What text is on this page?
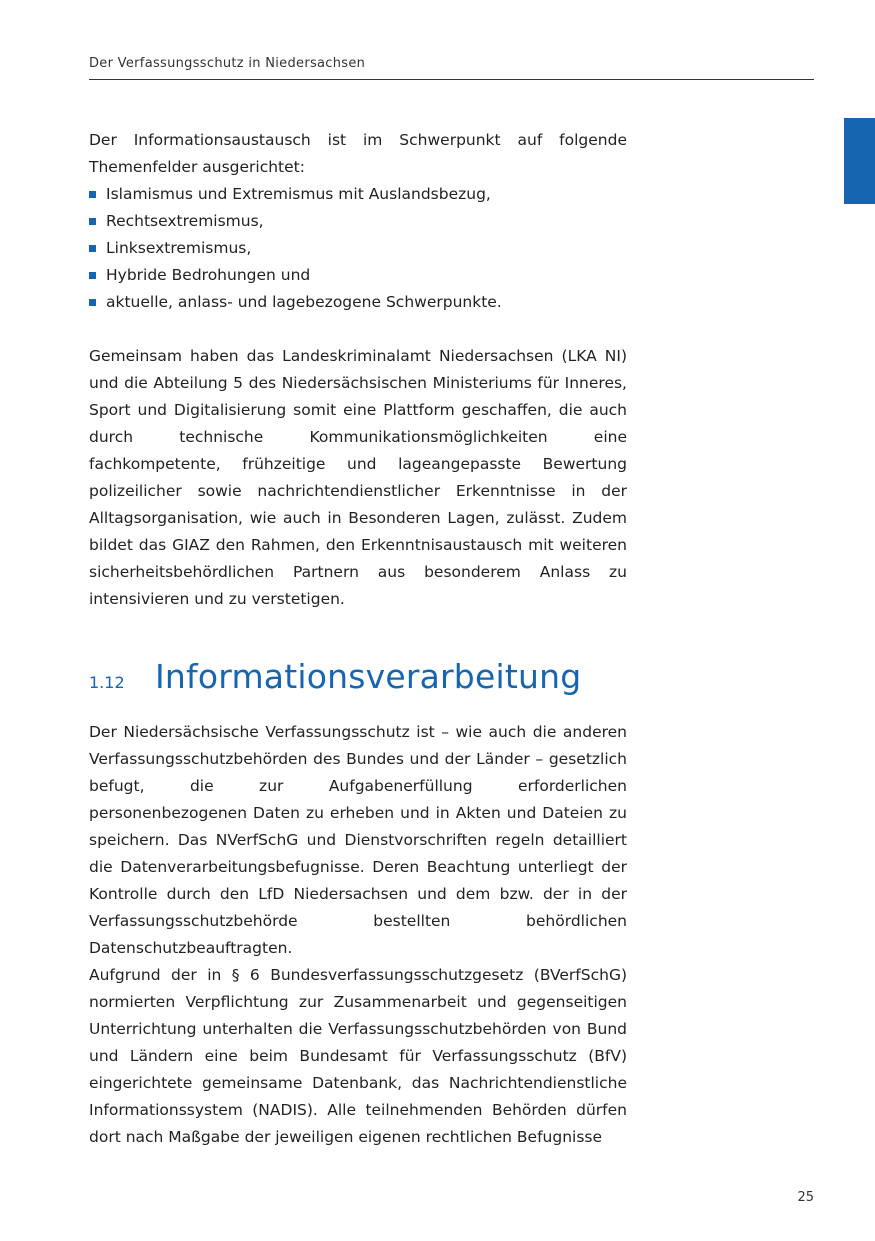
Der Verfassungsschutz in Niedersachsen

Der Informationsaustausch ist im Schwerpunkt auf folgende Themenfelder ausgerichtet:

Islamismus und Extremismus mit Auslandsbezug,
Rechtsextremismus,
Linksextremismus,
Hybride Bedrohungen und
aktuelle, anlass- und lagebezogene Schwerpunkte.

Gemeinsam haben das Landeskriminalamt Niedersachsen (LKA NI) und die Abteilung 5 des Niedersächsischen Ministeriums für Inneres, Sport und Digitalisierung somit eine Plattform geschaffen, die auch durch technische Kommunikationsmöglichkeiten eine fachkompetente, frühzeitige und lageangepasste Bewertung polizeilicher sowie nachrichtendienstlicher Erkenntnisse in der Alltagsorganisation, wie auch in Besonderen Lagen, zulässt. Zudem bildet das GIAZ den Rahmen, den Erkenntnisaustausch mit weiteren sicherheitsbehördlichen Partnern aus besonderem Anlass zu intensivieren und zu verstetigen.

1.12 Informationsverarbeitung

Der Niedersächsische Verfassungsschutz ist – wie auch die anderen Verfassungsschutzbehörden des Bundes und der Länder – gesetzlich befugt, die zur Aufgabenerfüllung erforderlichen personenbezogenen Daten zu erheben und in Akten und Dateien zu speichern. Das NVerfSchG und Dienstvorschriften regeln detailliert die Datenverarbeitungsbefugnisse. Deren Beachtung unterliegt der Kontrolle durch den LfD Niedersachsen und dem bzw. der in der Verfassungsschutzbehörde bestellten behördlichen Datenschutzbeauftragten.

Aufgrund der in § 6 Bundesverfassungsschutzgesetz (BVerfSchG) normierten Verpflichtung zur Zusammenarbeit und gegenseitigen Unterrichtung unterhalten die Verfassungsschutzbehörden von Bund und Ländern eine beim Bundesamt für Verfassungsschutz (BfV) eingerichtete gemeinsame Datenbank, das Nachrichtendienstliche Informationssystem (NADIS). Alle teilnehmenden Behörden dürfen dort nach Maßgabe der jeweiligen eigenen rechtlichen Befugnisse

25
